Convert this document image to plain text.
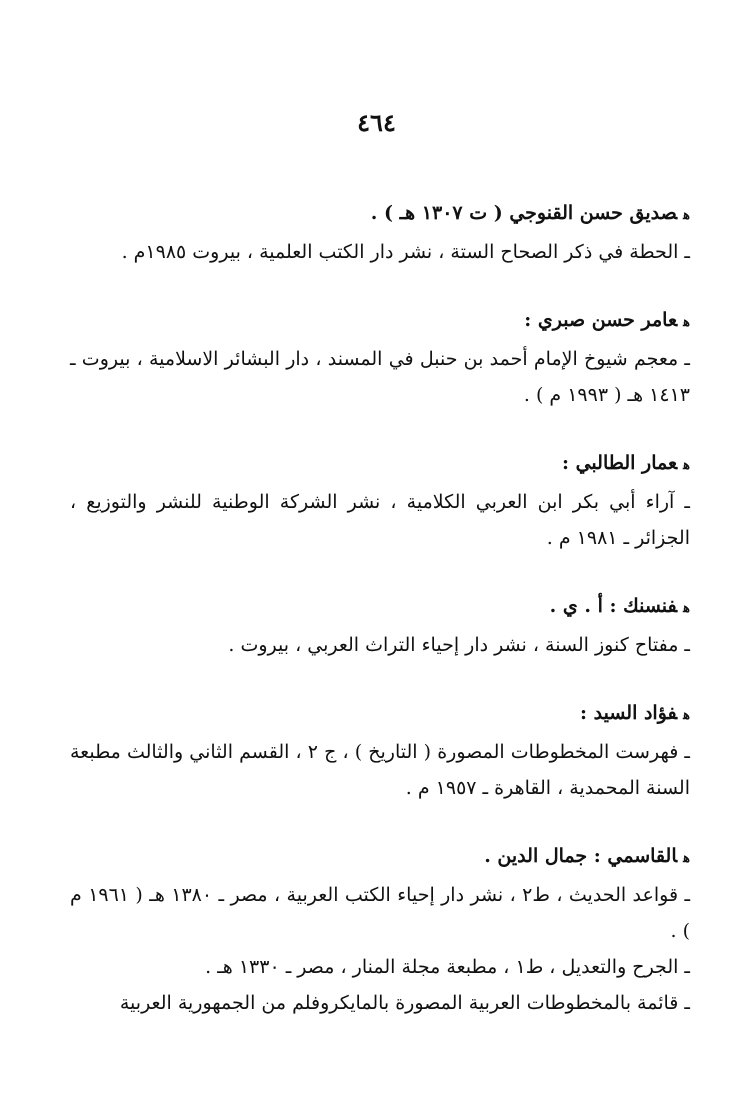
٤٦٤

هصديق حسن القنوجي ( ت ١٣٠٧ هـ ) .

ـ الحطة في ذكر الصحاح الستة ، نشر دار الكتب العلمية ، بيروت ١٩٨٥م .

هعامر حسن صبري :

ـ معجم شيوخ الإمام أحمد بن حنبل في المسند ، دار البشائر الاسلامية ، بيروت ـ ١٤١٣ هـ ( ١٩٩٣ م ) .

هعمار الطالبي :

ـ آراء أبي بكر ابن العربي الكلامية ، نشر الشركة الوطنية للنشر والتوزيع ، الجزائر ـ ١٩٨١ م .

هفنسنك : أ . ي .

ـ مفتاح كنوز السنة ، نشر دار إحياء التراث العربي ، بيروت .

هفؤاد السيد :

ـ فهرست المخطوطات المصورة ( التاريخ ) ، ج ٢ ، القسم الثاني والثالث مطبعة السنة المحمدية ، القاهرة ـ ١٩٥٧ م .

هالقاسمي : جمال الدين .

ـ قواعد الحديث ، ط٢ ، نشر دار إحياء الكتب العربية ، مصر ـ ١٣٨٠ هـ ( ١٩٦١ م ) .

ـ الجرح والتعديل ، ط١ ، مطبعة مجلة المنار ، مصر ـ ١٣٣٠ هـ .

ـ قائمة بالمخطوطات العربية المصورة بالمايكروفلم من الجمهورية العربية
